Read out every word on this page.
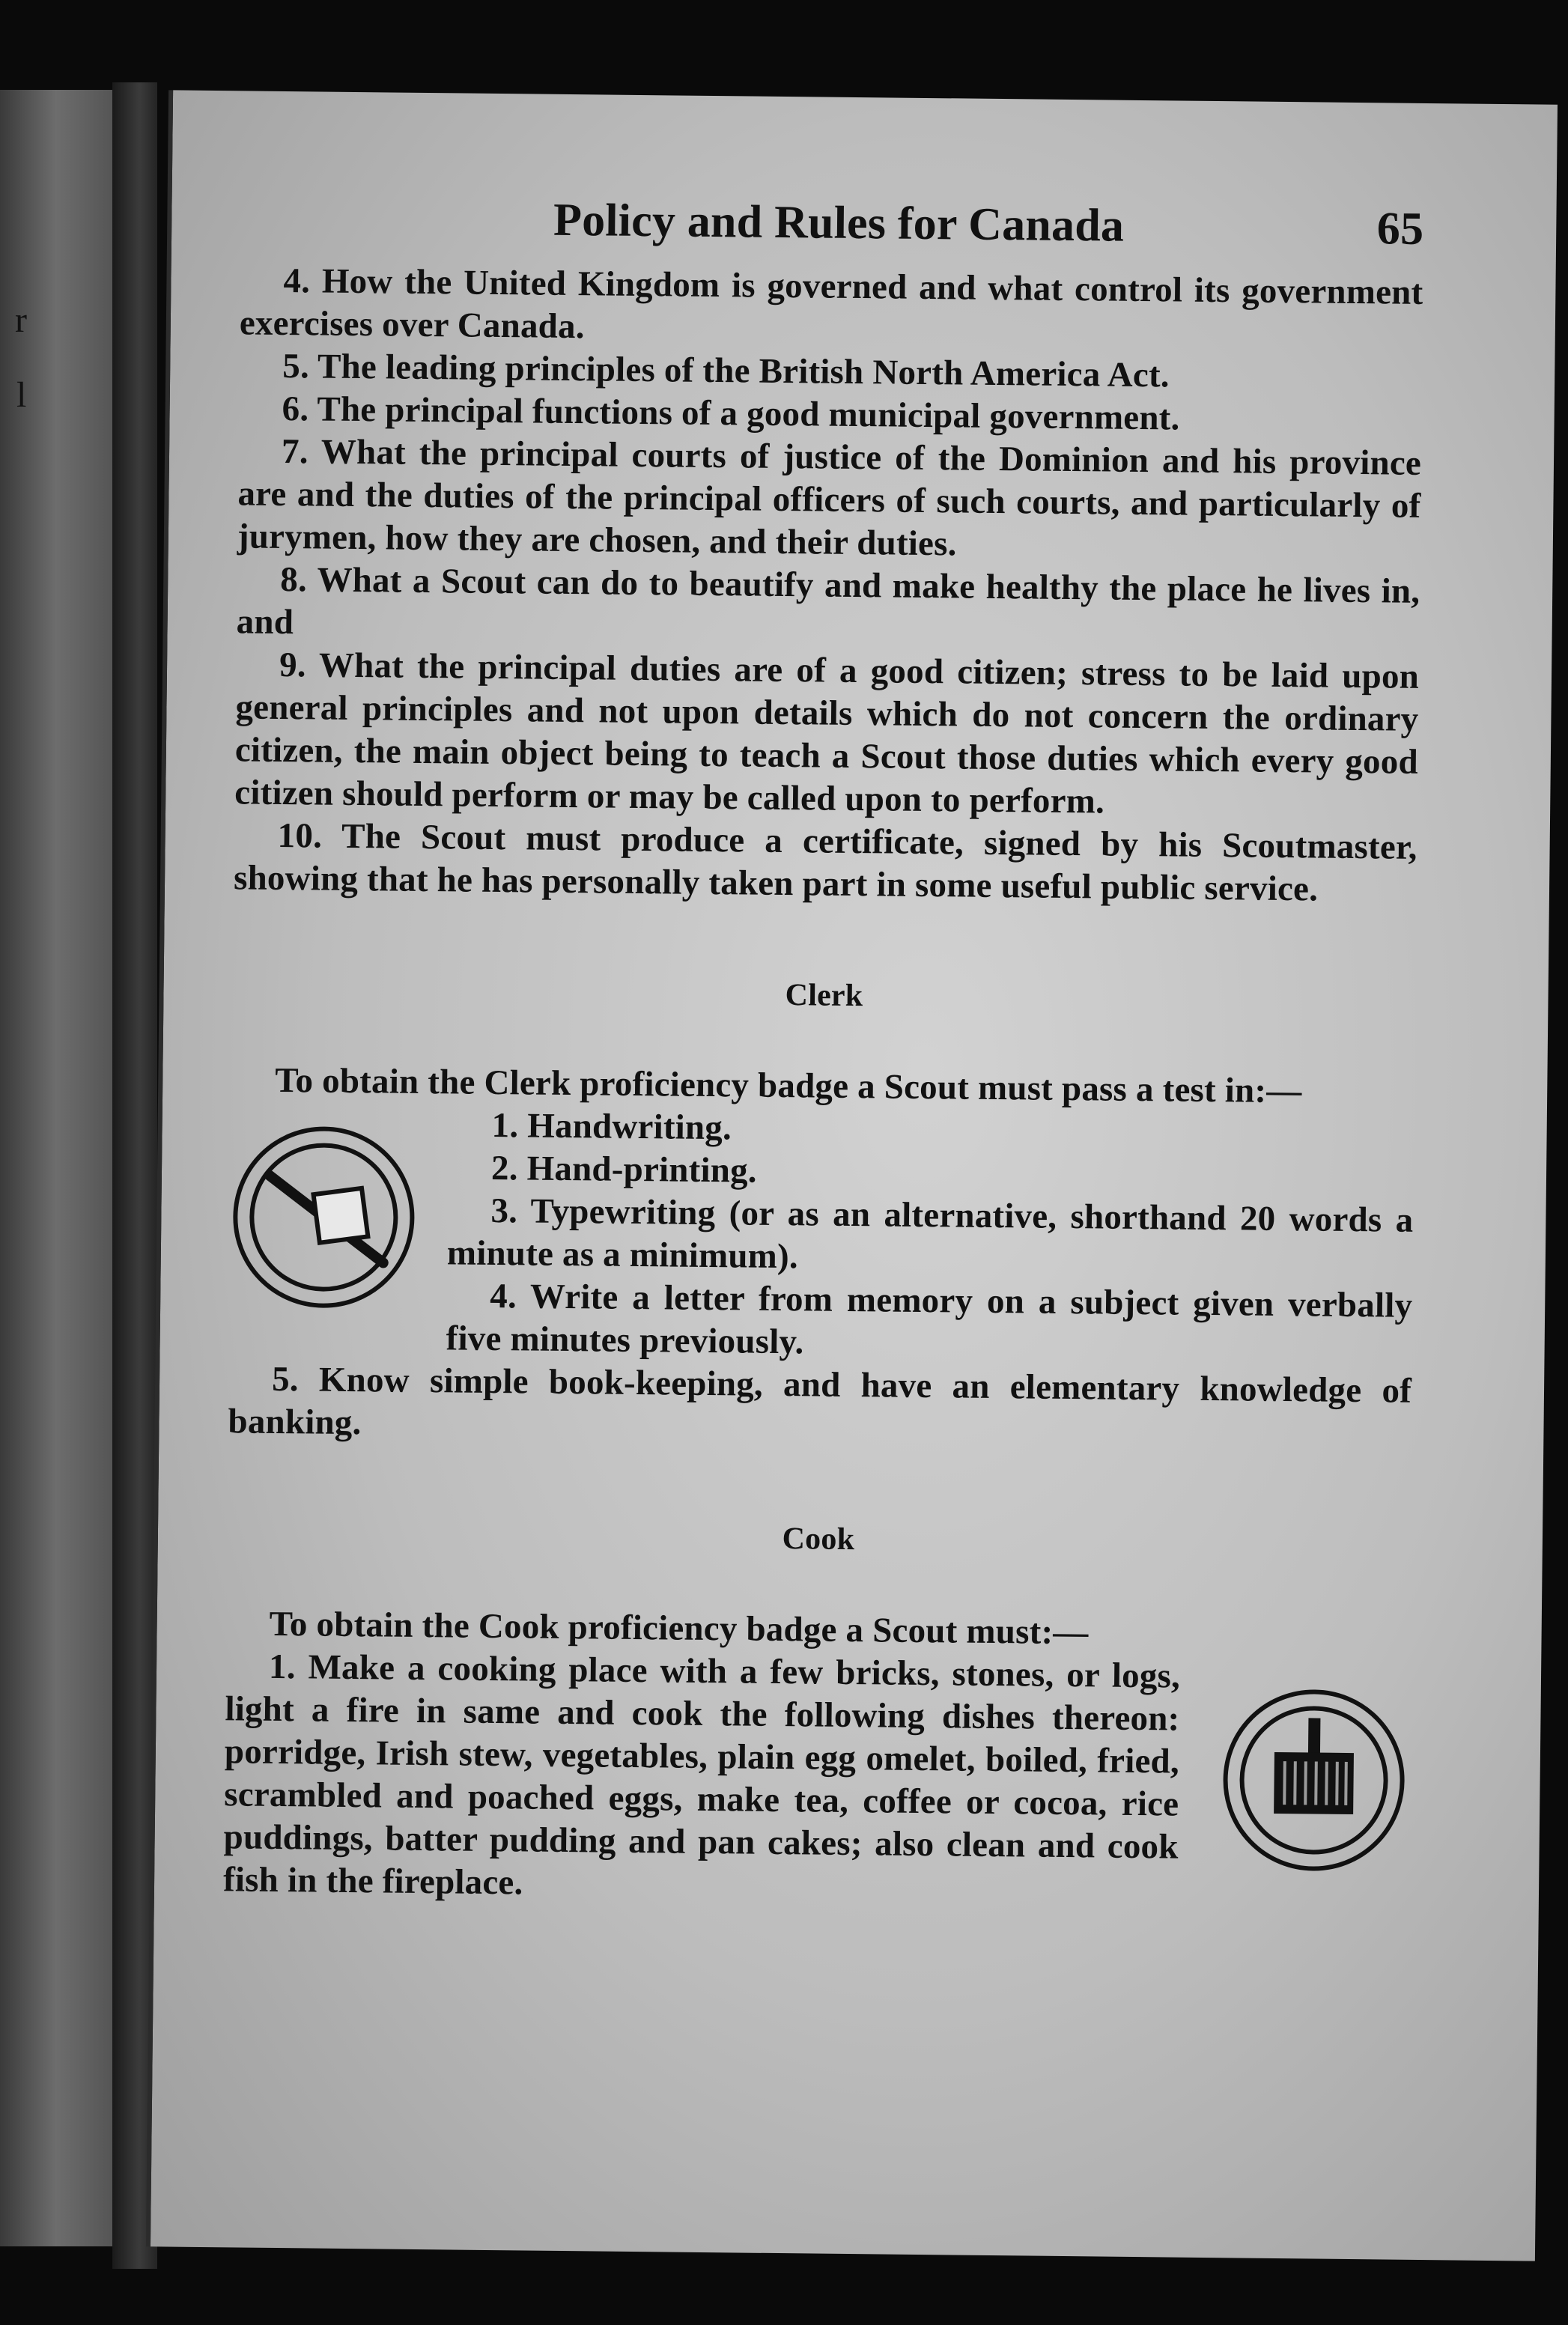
r
l
Policy and Rules for Canada	65

4. How the United Kingdom is governed and what control its government exercises over Canada.

5. The leading principles of the British North America Act.

6. The principal functions of a good municipal government.

7. What the principal courts of justice of the Dominion and his province are and the duties of the principal officers of such courts, and particularly of jurymen, how they are chosen, and their duties.

8. What a Scout can do to beautify and make healthy the place he lives in, and

9. What the principal duties are of a good citizen; stress to be laid upon general principles and not upon details which do not concern the ordinary citizen, the main object being to teach a Scout those duties which every good citizen should perform or may be called upon to perform.

10. The Scout must produce a certificate, signed by his Scoutmaster, showing that he has personally taken part in some useful public service.

Clerk

To obtain the Clerk proficiency badge a Scout must pass a test in:—

1. Handwriting.

2. Hand-printing.

3. Typewriting (or as an alternative, shorthand 20 words a minute as a minimum).

4. Write a letter from memory on a subject given verbally five minutes previously.

5. Know simple book-keeping, and have an elementary knowledge of banking.

Cook

To obtain the Cook proficiency badge a Scout must:—

1. Make a cooking place with a few bricks, stones, or logs, light a fire in same and cook the following dishes thereon: porridge, Irish stew, vegetables, plain egg omelet, boiled, fried, scrambled and poached eggs, make tea, coffee or cocoa, rice puddings, batter pudding and pan cakes; also clean and cook fish in the fireplace.
